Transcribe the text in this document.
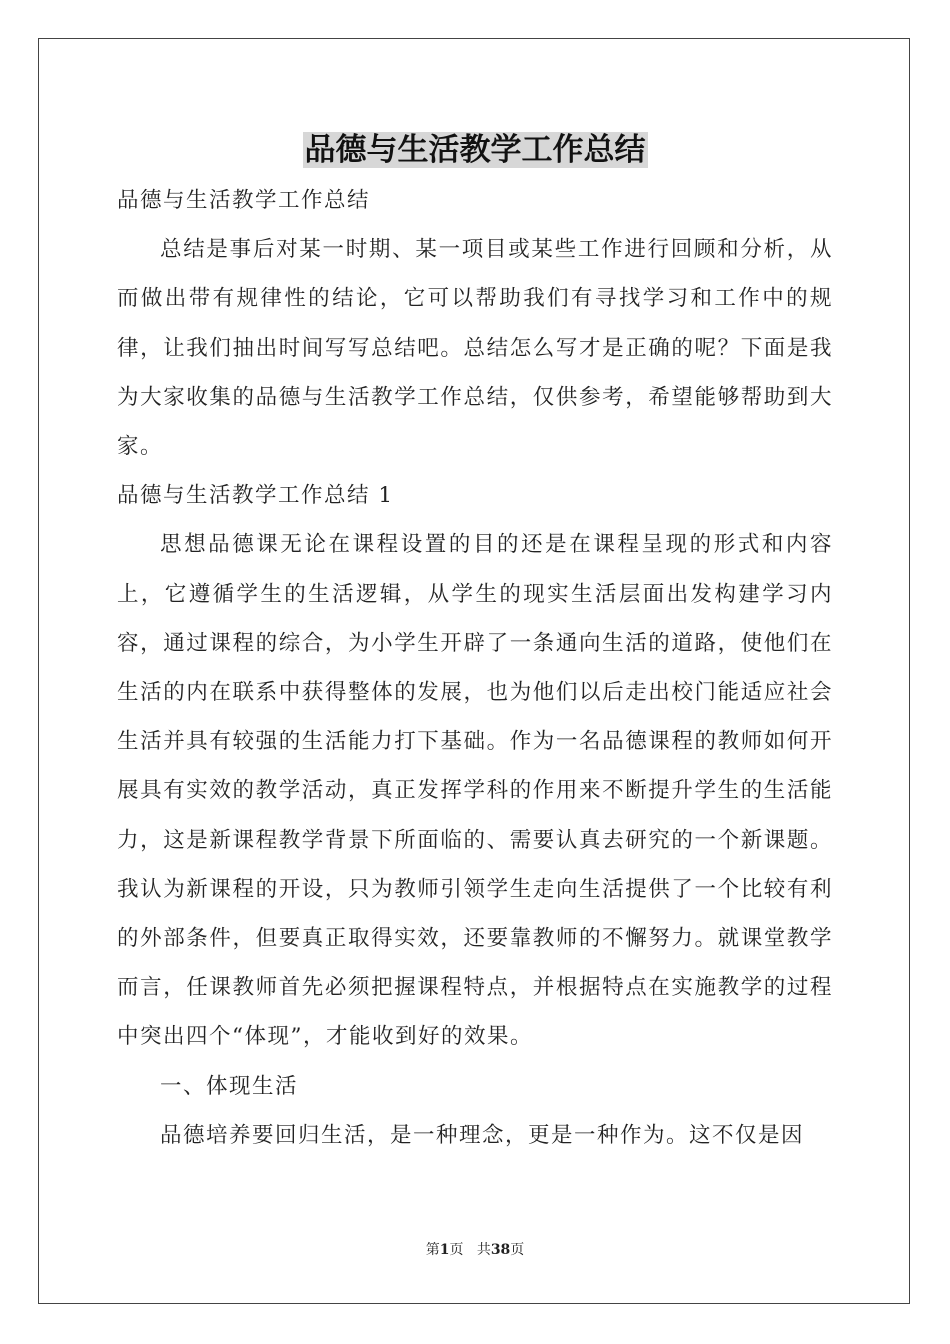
品德与生活教学工作总结

品德与生活教学工作总结

总结是事后对某一时期、某一项目或某些工作进行回顾和分析，从而做出带有规律性的结论，它可以帮助我们有寻找学习和工作中的规律，让我们抽出时间写写总结吧。总结怎么写才是正确的呢？下面是我为大家收集的品德与生活教学工作总结，仅供参考，希望能够帮助到大家。

品德与生活教学工作总结 1

思想品德课无论在课程设置的目的还是在课程呈现的形式和内容上，它遵循学生的生活逻辑，从学生的现实生活层面出发构建学习内容，通过课程的综合，为小学生开辟了一条通向生活的道路，使他们在生活的内在联系中获得整体的发展，也为他们以后走出校门能适应社会生活并具有较强的生活能力打下基础。作为一名品德课程的教师如何开展具有实效的教学活动，真正发挥学科的作用来不断提升学生的生活能力，这是新课程教学背景下所面临的、需要认真去研究的一个新课题。我认为新课程的开设，只为教师引领学生走向生活提供了一个比较有利的外部条件，但要真正取得实效，还要靠教师的不懈努力。就课堂教学而言，任课教师首先必须把握课程特点，并根据特点在实施教学的过程中突出四个“体现”，才能收到好的效果。

一、体现生活

品德培养要回归生活，是一种理念，更是一种作为。这不仅是因

第1页 共38页
